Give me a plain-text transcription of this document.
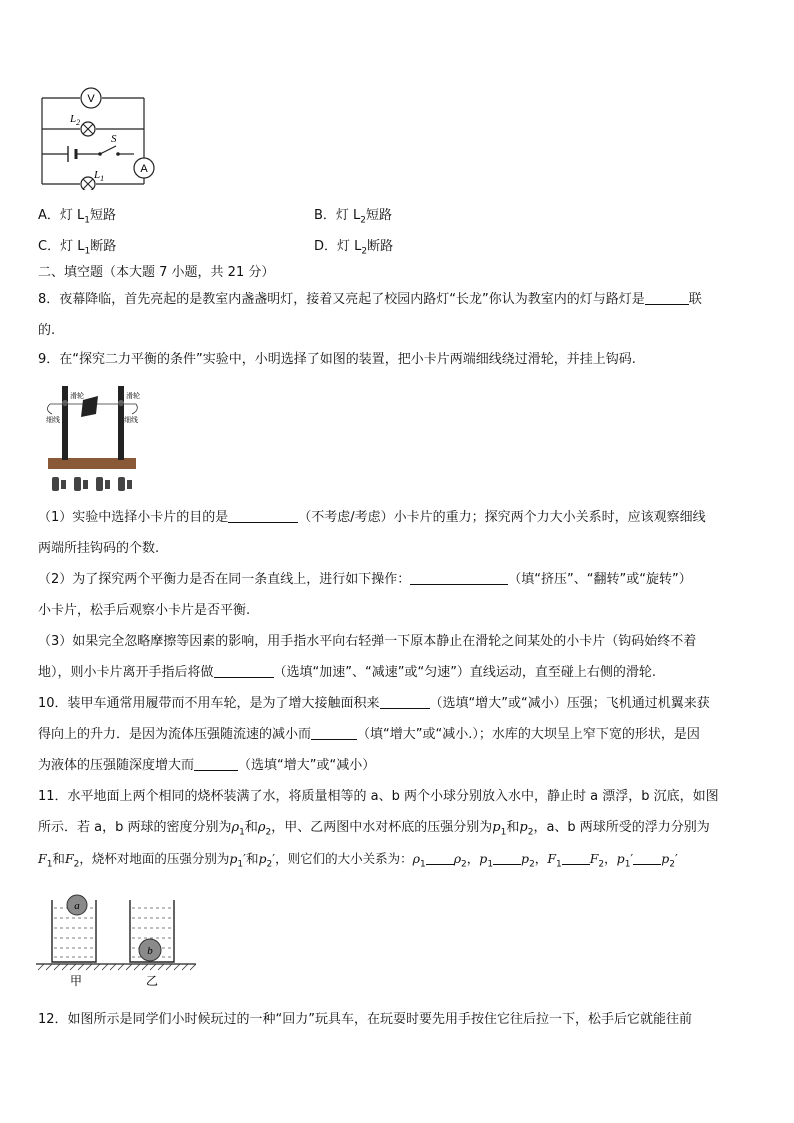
V
A
$L_2$
S
$L_1$
A．灯 $L_1$短路	B．灯 $L_2$短路
C．灯 $L_1$断路	D．灯 $L_2$断路
二、填空题（本大题 7 小题，共 21 分）
8．夜幕降临，首先亮起的是教室内盏盏明灯，接着又亮起了校园内路灯“长龙”你认为教室内的灯与路灯是	联
的.
9．在“探究二力平衡的条件”实验中，小明选择了如图的装置，把小卡片两端细线绕过滑轮，并挂上钩码.
滑轮	滑轮
细线	细线
（1）实验中选择小卡片的目的是	（不考虑/考虑）小卡片的重力；探究两个力大小关系时，应该观察细线
两端所挂钩码的个数.
（2）为了探究两个平衡力是否在同一条直线上，进行如下操作：	（填“挤压”、“翻转”或“旋转”）
小卡片，松手后观察小卡片是否平衡.
（3）如果完全忽略摩擦等因素的影响，用手指水平向右轻弹一下原本静止在滑轮之间某处的小卡片（钩码始终不着
地），则小卡片离开手指后将做	（选填“加速”、“减速”或“匀速”）直线运动，直至碰上右侧的滑轮.
10．装甲车通常用履带而不用车轮，是为了增大接触面积来	（选填“增大”或“减小）压强；飞机通过机翼来获
得向上的升力．是因为流体压强随流速的减小而	（填“增大”或“减小.）；水库的大坝呈上窄下宽的形状，是因
为液体的压强随深度增大而	（选填“增大”或“减小）
11．水平地面上两个相同的烧杯装满了水，将质量相等的 a、b 两个小球分别放入水中，静止时 a 漂浮，b 沉底，如图
所示．若 a，b 两球的密度分别为$\rho_1$和$\rho_2$，甲、乙两图中水对杯底的压强分别为$p_1$和$p_2$，a、b 两球所受的浮力分别为
$F_1$和$F_2$，烧杯对地面的压强分别为$p_1'$和$p_2'$，则它们的大小关系为：$\rho_1$ $\rho_2$，$p_1$ $p_2$，$F_1$ $F_2$，$p_1'$ $p_2'$
a
b
甲	乙
12．如图所示是同学们小时候玩过的一种“回力”玩具车，在玩耍时要先用手按住它往后拉一下，松手后它就能往前
